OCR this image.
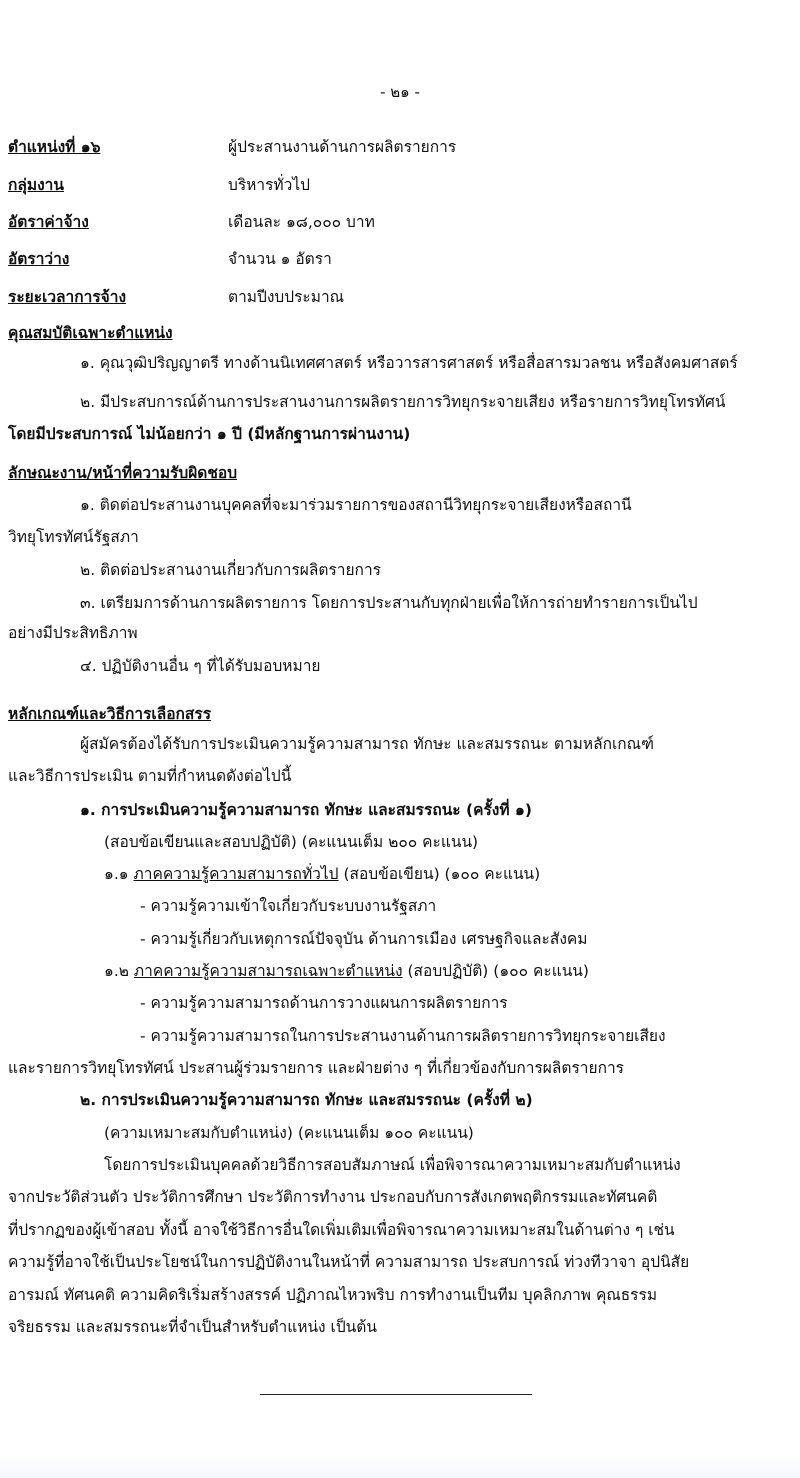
- ๒๑ -
ตำแหน่งที่ ๑๖	ผู้ประสานงานด้านการผลิตรายการ
กลุ่มงาน	บริหารทั่วไป
อัตราค่าจ้าง	เดือนละ ๑๘,๐๐๐ บาท
อัตราว่าง	จำนวน ๑ อัตรา
ระยะเวลาการจ้าง	ตามปีงบประมาณ
คุณสมบัติเฉพาะตำแหน่ง
๑. คุณวุฒิปริญญาตรี ทางด้านนิเทศศาสตร์ หรือวารสารศาสตร์ หรือสื่อสารมวลชน หรือสังคมศาสตร์
๒. มีประสบการณ์ด้านการประสานงานการผลิตรายการวิทยุกระจายเสียง หรือรายการวิทยุโทรทัศน์
โดยมีประสบการณ์ ไม่น้อยกว่า ๑ ปี (มีหลักฐานการผ่านงาน)
ลักษณะงาน/หน้าที่ความรับผิดชอบ
๑. ติดต่อประสานงานบุคคลที่จะมาร่วมรายการของสถานีวิทยุกระจายเสียงหรือสถานี
วิทยุโทรทัศน์รัฐสภา
๒. ติดต่อประสานงานเกี่ยวกับการผลิตรายการ
๓. เตรียมการด้านการผลิตรายการ โดยการประสานกับทุกฝ่ายเพื่อให้การถ่ายทำรายการเป็นไป
อย่างมีประสิทธิภาพ
๔. ปฏิบัติงานอื่น ๆ ที่ได้รับมอบหมาย
หลักเกณฑ์และวิธีการเลือกสรร
ผู้สมัครต้องได้รับการประเมินความรู้ความสามารถ ทักษะ และสมรรถนะ ตามหลักเกณฑ์
และวิธีการประเมิน ตามที่กำหนดดังต่อไปนี้
๑. การประเมินความรู้ความสามารถ ทักษะ และสมรรถนะ (ครั้งที่ ๑)
(สอบข้อเขียนและสอบปฏิบัติ) (คะแนนเต็ม ๒๐๐ คะแนน)
๑.๑ ภาคความรู้ความสามารถทั่วไป (สอบข้อเขียน) (๑๐๐ คะแนน)
- ความรู้ความเข้าใจเกี่ยวกับระบบงานรัฐสภา
- ความรู้เกี่ยวกับเหตุการณ์ปัจจุบัน ด้านการเมือง เศรษฐกิจและสังคม
๑.๒ ภาคความรู้ความสามารถเฉพาะตำแหน่ง (สอบปฏิบัติ) (๑๐๐ คะแนน)
- ความรู้ความสามารถด้านการวางแผนการผลิตรายการ
- ความรู้ความสามารถในการประสานงานด้านการผลิตรายการวิทยุกระจายเสียง
และรายการวิทยุโทรทัศน์ ประสานผู้ร่วมรายการ และฝ่ายต่าง ๆ ที่เกี่ยวข้องกับการผลิตรายการ
๒. การประเมินความรู้ความสามารถ ทักษะ และสมรรถนะ (ครั้งที่ ๒)
(ความเหมาะสมกับตำแหน่ง) (คะแนนเต็ม ๑๐๐ คะแนน)
โดยการประเมินบุคคลด้วยวิธีการสอบสัมภาษณ์ เพื่อพิจารณาความเหมาะสมกับตำแหน่ง
จากประวัติส่วนตัว ประวัติการศึกษา ประวัติการทำงาน ประกอบกับการสังเกตพฤติกรรมและทัศนคติ
ที่ปรากฏของผู้เข้าสอบ ทั้งนี้ อาจใช้วิธีการอื่นใดเพิ่มเติมเพื่อพิจารณาความเหมาะสมในด้านต่าง ๆ เช่น
ความรู้ที่อาจใช้เป็นประโยชน์ในการปฏิบัติงานในหน้าที่ ความสามารถ ประสบการณ์ ท่วงทีวาจา อุปนิสัย
อารมณ์ ทัศนคติ ความคิดริเริ่มสร้างสรรค์ ปฏิภาณไหวพริบ การทำงานเป็นทีม บุคลิกภาพ คุณธรรม
จริยธรรม และสมรรถนะที่จำเป็นสำหรับตำแหน่ง เป็นต้น
